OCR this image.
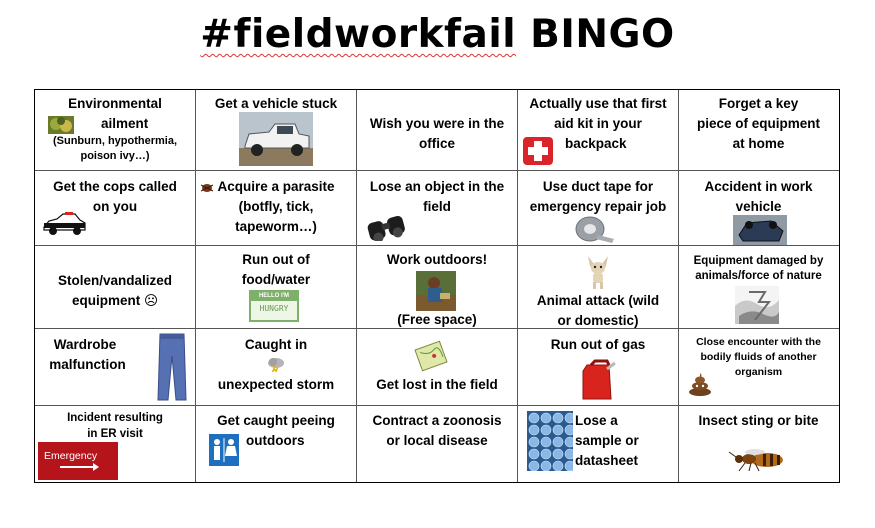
#fieldworkfail BINGO
Environmental
ailment
(Sunburn, hypothermia,
poison ivy…)
Get a vehicle stuck
Wish you were in the
office
Actually use that first
aid kit in your
backpack
Forget a key
piece of equipment
at home
Get the cops called
on you
Acquire a parasite
(botfly, tick,
tapeworm…)
Lose an object in the
field
Use duct tape for
emergency repair job
Accident in work
vehicle
Stolen/vandalized
equipment ☹
Run out of
food/water
HELLO I'M
HUNGRY
Work outdoors!
(Free space)
Animal attack (wild
or domestic)
Equipment damaged by
animals/force of nature
Wardrobe
malfunction
Caught in
unexpected storm	Get lost in the field
Run out of gas	Close encounter with the
bodily fluids of another
organism
Incident resulting
in ER visit
Emergency
Get caught peeing
outdoors
Contract a zoonosis
or local disease
Lose a
sample or
datasheet
Insect sting or bite
